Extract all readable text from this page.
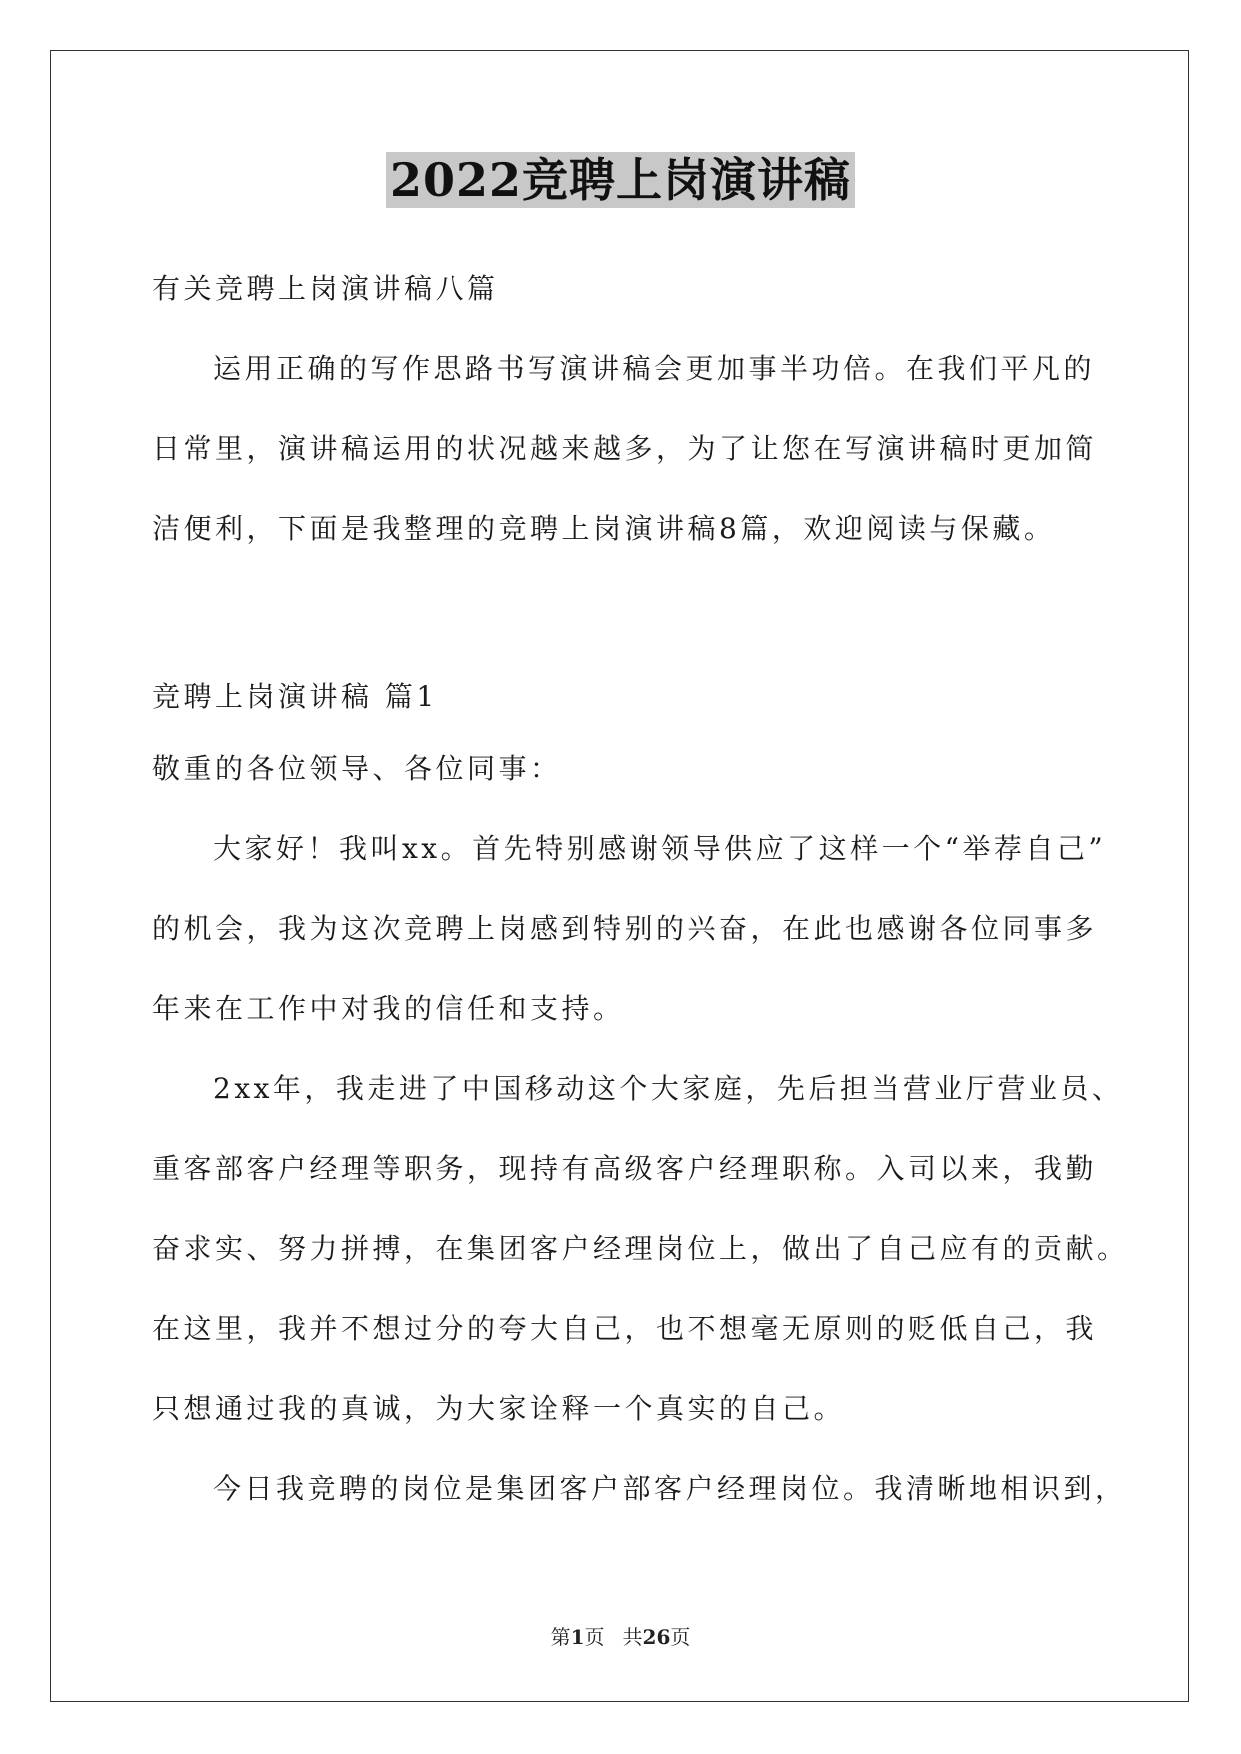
2022竞聘上岗演讲稿
有关竞聘上岗演讲稿八篇
运用正确的写作思路书写演讲稿会更加事半功倍。在我们平凡的
日常里，演讲稿运用的状况越来越多，为了让您在写演讲稿时更加简
洁便利，下面是我整理的竞聘上岗演讲稿8篇，欢迎阅读与保藏。
竞聘上岗演讲稿 篇1
敬重的各位领导、各位同事：
大家好！我叫xx。首先特别感谢领导供应了这样一个“举荐自己”
的机会，我为这次竞聘上岗感到特别的兴奋，在此也感谢各位同事多
年来在工作中对我的信任和支持。
2xx年，我走进了中国移动这个大家庭，先后担当营业厅营业员、
重客部客户经理等职务，现持有高级客户经理职称。入司以来，我勤
奋求实、努力拼搏，在集团客户经理岗位上，做出了自己应有的贡献。
在这里，我并不想过分的夸大自己，也不想毫无原则的贬低自己，我
只想通过我的真诚，为大家诠释一个真实的自己。
今日我竞聘的岗位是集团客户部客户经理岗位。我清晰地相识到，
第1页 共26页
